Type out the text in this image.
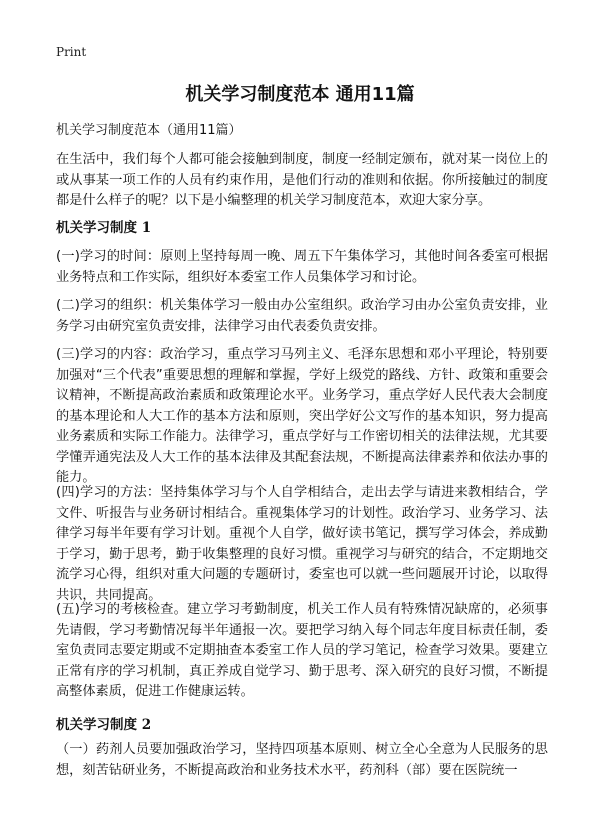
Print
机关学习制度范本 通用11篇
机关学习制度范本（通用11篇）

在生活中，我们每个人都可能会接触到制度，制度一经制定颁布，就对某一岗位上的或从事某一项工作的人员有约束作用，是他们行动的准则和依据。你所接触过的制度都是什么样子的呢？以下是小编整理的机关学习制度范本，欢迎大家分享。

机关学习制度 1

(一)学习的时间：原则上坚持每周一晚、周五下午集体学习，其他时间各委室可根据业务特点和工作实际，组织好本委室工作人员集体学习和讨论。

(二)学习的组织：机关集体学习一般由办公室组织。政治学习由办公室负责安排，业务学习由研究室负责安排，法律学习由代表委负责安排。

(三)学习的内容：政治学习，重点学习马列主义、毛泽东思想和邓小平理论，特别要加强对“三个代表”重要思想的理解和掌握，学好上级党的路线、方针、政策和重要会议精神，不断提高政治素质和政策理论水平。业务学习，重点学好人民代表大会制度的基本理论和人大工作的基本方法和原则，突出学好公文写作的基本知识，努力提高业务素质和实际工作能力。法律学习，重点学好与工作密切相关的法律法规，尤其要学懂弄通宪法及人大工作的基本法律及其配套法规，不断提高法律素养和依法办事的能力。

(四)学习的方法：坚持集体学习与个人自学相结合，走出去学与请进来教相结合，学文件、听报告与业务研讨相结合。重视集体学习的计划性。政治学习、业务学习、法律学习每半年要有学习计划。重视个人自学，做好读书笔记，撰写学习体会，养成勤于学习，勤于思考，勤于收集整理的良好习惯。重视学习与研究的结合，不定期地交流学习心得，组织对重大问题的专题研讨，委室也可以就一些问题展开讨论，以取得共识，共同提高。

(五)学习的考核检查。建立学习考勤制度，机关工作人员有特殊情况缺席的，必须事先请假，学习考勤情况每半年通报一次。要把学习纳入每个同志年度目标责任制，委室负责同志要定期或不定期抽查本委室工作人员的学习笔记，检查学习效果。要建立正常有序的学习机制，真正养成自觉学习、勤于思考、深入研究的良好习惯，不断提高整体素质，促进工作健康运转。

机关学习制度 2

（一）药剂人员要加强政治学习，坚持四项基本原则、树立全心全意为人民服务的思想，刻苦钻研业务，不断提高政治和业务技术水平，药剂科（部）要在医院统一
